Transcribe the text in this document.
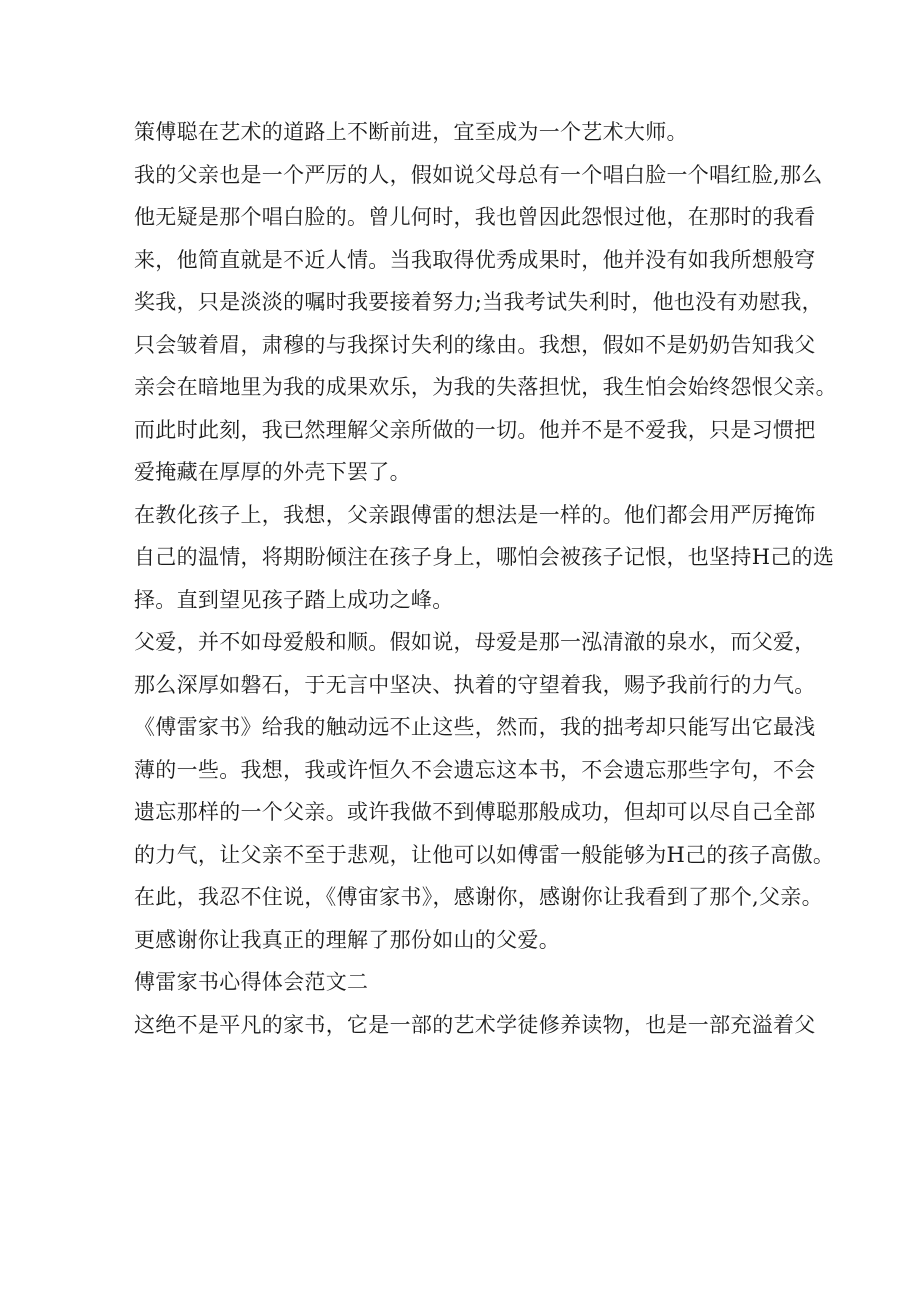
策傅聪在艺术的道路上不断前进，宜至成为一个艺术大师。
我的父亲也是一个严厉的人，假如说父母总有一个唱白脸一个唱红脸,那么
他无疑是那个唱白脸的。曾儿何时，我也曾因此怨恨过他，在那时的我看
来，他简直就是不近人情。当我取得优秀成果时，他并没有如我所想般穹
奖我，只是淡淡的嘱时我要接着努力;当我考试失利时，他也没有劝慰我，
只会皱着眉，肃穆的与我探讨失利的缘由。我想，假如不是奶奶告知我父
亲会在暗地里为我的成果欢乐，为我的失落担忧，我生怕会始终怨恨父亲。
而此时此刻，我已然理解父亲所做的一切。他并不是不爱我，只是习惯把
爱掩藏在厚厚的外壳下罢了。
在教化孩子上，我想，父亲跟傅雷的想法是一样的。他们都会用严厉掩饰
自己的温情，将期盼倾注在孩子身上，哪怕会被孩子记恨，也坚持H己的选
择。直到望见孩子踏上成功之峰。
父爱，并不如母爱般和顺。假如说，母爱是那一泓清澈的泉水，而父爱，
那么深厚如磐石，于无言中坚决、执着的守望着我，赐予我前行的力气。
《傅雷家书》给我的触动远不止这些，然而，我的拙考却只能写出它最浅
薄的一些。我想，我或许恒久不会遗忘这本书，不会遗忘那些字句，不会
遗忘那样的一个父亲。或许我做不到傅聪那般成功，但却可以尽自己全部
的力气，让父亲不至于悲观，让他可以如傅雷一般能够为H己的孩子高傲。
在此，我忍不住说，《傅宙家书》，感谢你，感谢你让我看到了那个,父亲。
更感谢你让我真正的理解了那份如山的父爱。
傅雷家书心得体会范文二
这绝不是平凡的家书，它是一部的艺术学徒修养读物，也是一部充溢着父
